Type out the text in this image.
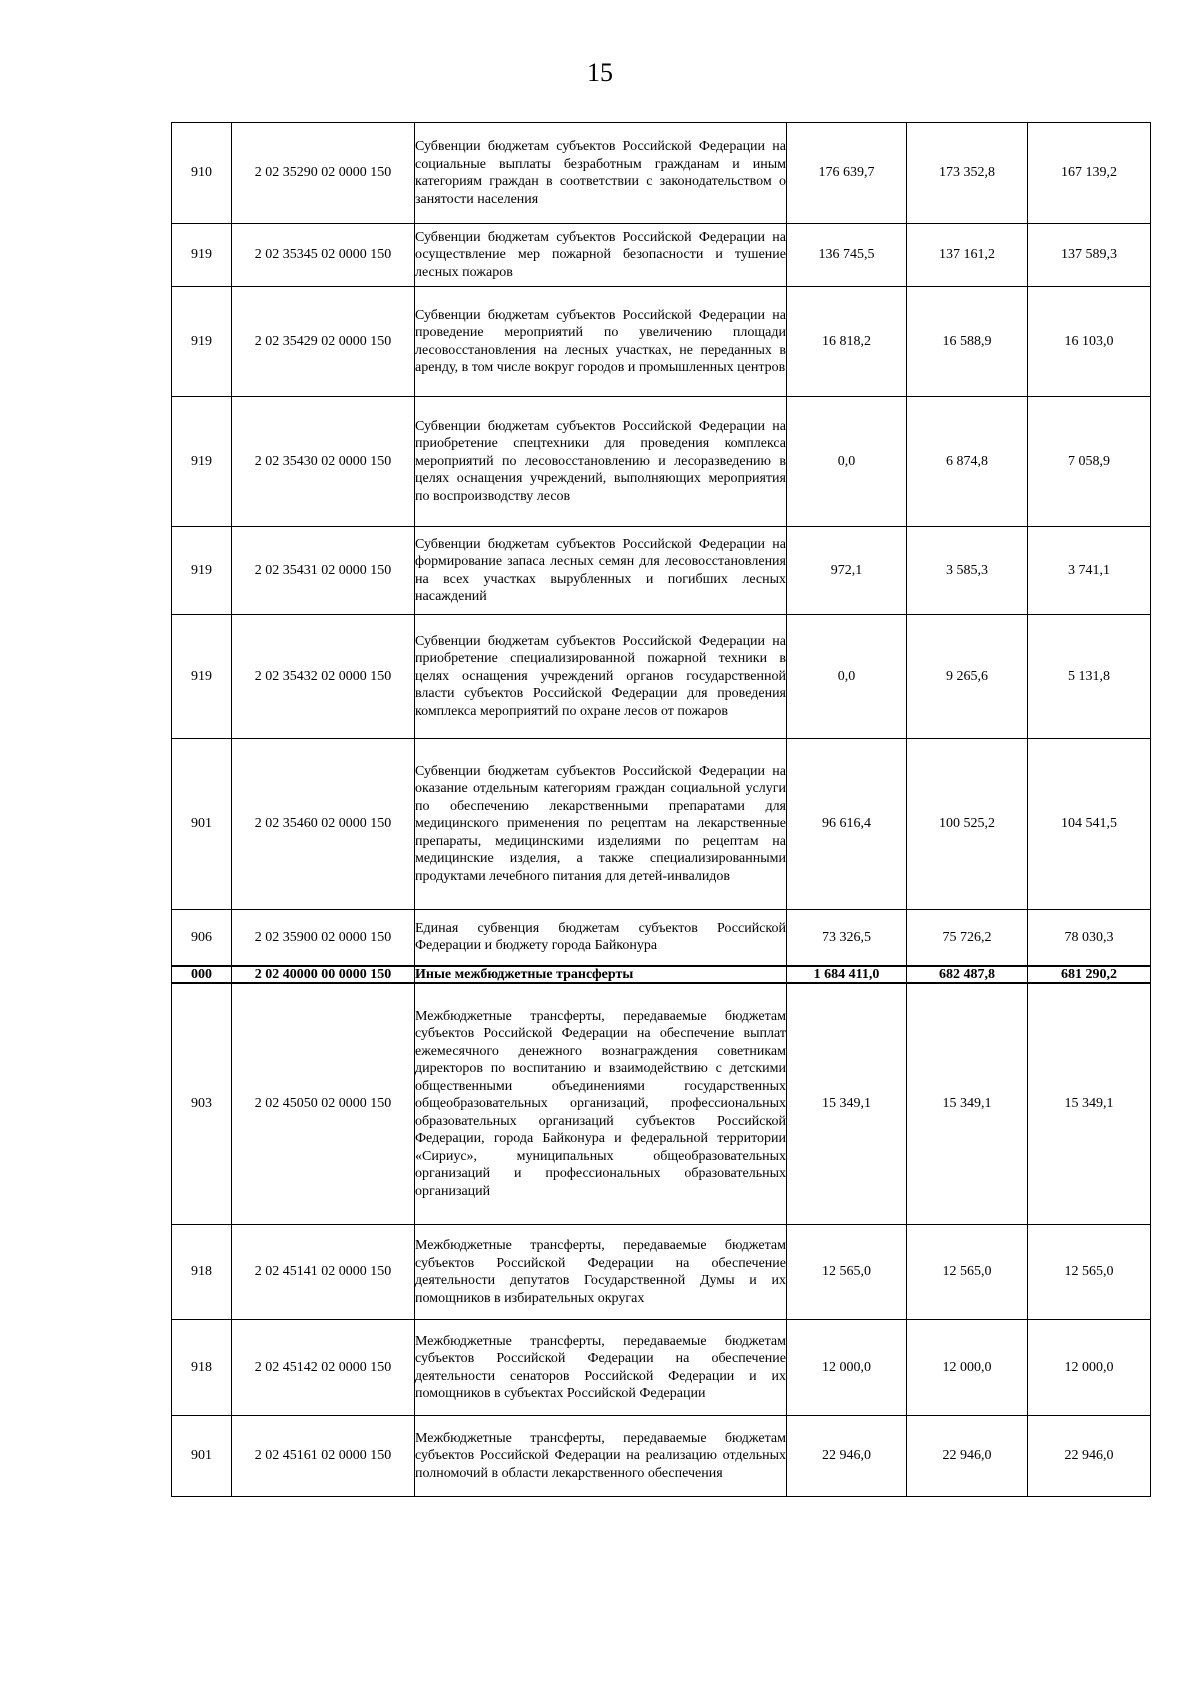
15
910	2 02 35290 02 0000 150	Субвенции бюджетам субъектов Российской Федерации на социальные выплаты безработным гражданам и иным категориям граждан в соответствии с законодательством о занятости населения	176 639,7	173 352,8	167 139,2
919	2 02 35345 02 0000 150	Субвенции бюджетам субъектов Российской Федерации на осуществление мер пожарной безопасности и тушение лесных пожаров	136 745,5	137 161,2	137 589,3
919	2 02 35429 02 0000 150	Субвенции бюджетам субъектов Российской Федерации на проведение мероприятий по увеличению площади лесовосстановления на лесных участках, не переданных в аренду, в том числе вокруг городов и промышленных центров	16 818,2	16 588,9	16 103,0
919	2 02 35430 02 0000 150	Субвенции бюджетам субъектов Российской Федерации на приобретение спецтехники для проведения комплекса мероприятий по лесовосстановлению и лесоразведению в целях оснащения учреждений, выполняющих мероприятия по воспроизводству лесов	0,0	6 874,8	7 058,9
919	2 02 35431 02 0000 150	Субвенции бюджетам субъектов Российской Федерации на формирование запаса лесных семян для лесовосстановления на всех участках вырубленных и погибших лесных насаждений	972,1	3 585,3	3 741,1
919	2 02 35432 02 0000 150	Субвенции бюджетам субъектов Российской Федерации на приобретение специализированной пожарной техники в целях оснащения учреждений органов государственной власти субъектов Российской Федерации для проведения комплекса мероприятий по охране лесов от пожаров	0,0	9 265,6	5 131,8
901	2 02 35460 02 0000 150	Субвенции бюджетам субъектов Российской Федерации на оказание отдельным категориям граждан социальной услуги по обеспечению лекарственными препаратами для медицинского применения по рецептам на лекарственные препараты, медицинскими изделиями по рецептам на медицинские изделия, а также специализированными продуктами лечебного питания для детей-инвалидов	96 616,4	100 525,2	104 541,5
906	2 02 35900 02 0000 150	Единая субвенция бюджетам субъектов Российской Федерации и бюджету города Байконура	73 326,5	75 726,2	78 030,3
000	2 02 40000 00 0000 150	Иные межбюджетные трансферты	1 684 411,0	682 487,8	681 290,2
903	2 02 45050 02 0000 150	Межбюджетные трансферты, передаваемые бюджетам субъектов Российской Федерации на обеспечение выплат ежемесячного денежного вознаграждения советникам директоров по воспитанию и взаимодействию с детскими общественными объединениями государственных общеобразовательных организаций, профессиональных образовательных организаций субъектов Российской Федерации, города Байконура и федеральной территории «Сириус», муниципальных общеобразовательных организаций и профессиональных образовательных организаций	15 349,1	15 349,1	15 349,1
918	2 02 45141 02 0000 150	Межбюджетные трансферты, передаваемые бюджетам субъектов Российской Федерации на обеспечение деятельности депутатов Государственной Думы и их помощников в избирательных округах	12 565,0	12 565,0	12 565,0
918	2 02 45142 02 0000 150	Межбюджетные трансферты, передаваемые бюджетам субъектов Российской Федерации на обеспечение деятельности сенаторов Российской Федерации и их помощников в субъектах Российской Федерации	12 000,0	12 000,0	12 000,0
901	2 02 45161 02 0000 150	Межбюджетные трансферты, передаваемые бюджетам субъектов Российской Федерации на реализацию отдельных полномочий в области лекарственного обеспечения	22 946,0	22 946,0	22 946,0
